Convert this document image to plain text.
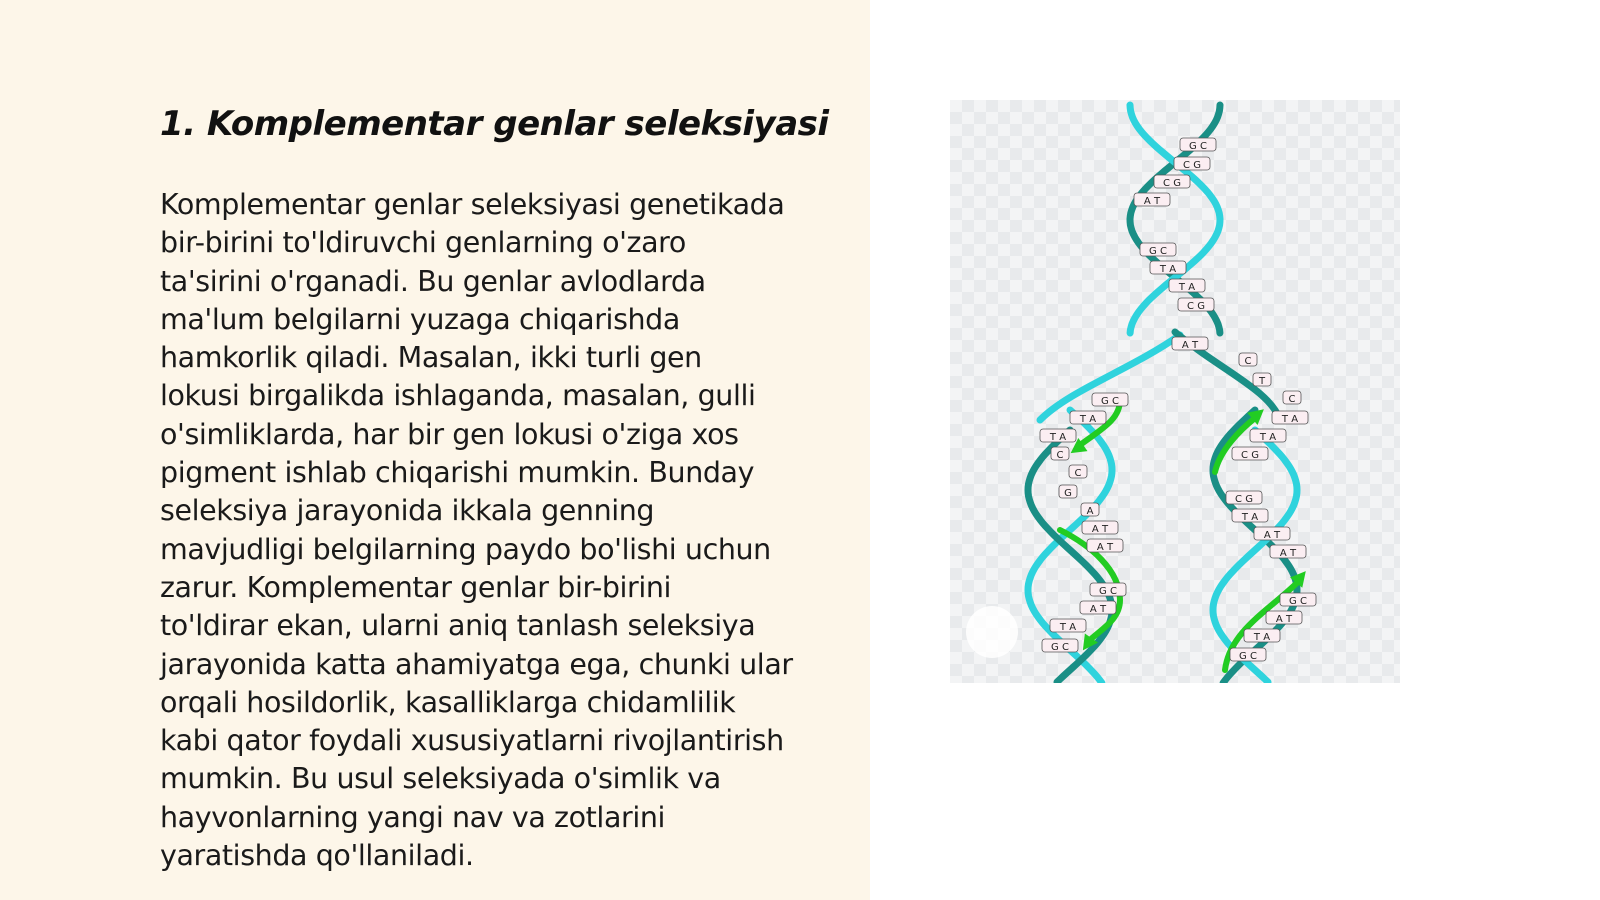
1. Komplementar genlar seleksiyasi

Komplementar genlar seleksiyasi genetikada
bir-birini to'ldiruvchi genlarning o'zaro
ta'sirini o'rganadi. Bu genlar avlodlarda
ma'lum belgilarni yuzaga chiqarishda
hamkorlik qiladi. Masalan, ikki turli gen
lokusi birgalikda ishlaganda, masalan, gulli
o'simliklarda, har bir gen lokusi o'ziga xos
pigment ishlab chiqarishi mumkin. Bunday
seleksiya jarayonida ikkala genning
mavjudligi belgilarning paydo bo'lishi uchun
zarur. Komplementar genlar bir-birini
to'ldirar ekan, ularni aniq tanlash seleksiya
jarayonida katta ahamiyatga ega, chunki ular
orqali hosildorlik, kasalliklarga chidamlilik
kabi qator foydali xususiyatlarni rivojlantirish
mumkin. Bu usul seleksiyada o'simlik va
hayvonlarning yangi nav va zotlarini
yaratishda qo'llaniladi.

G C
C G
C G
A T
G C
T A
T A
C G
A T
G C
T A
T A
C
C
G
A
A T
A T
G C
A T
T A
G C
C
T
C
T A
T A
C G
C G
T A
A T
A T
G C
A T
T A
G C
